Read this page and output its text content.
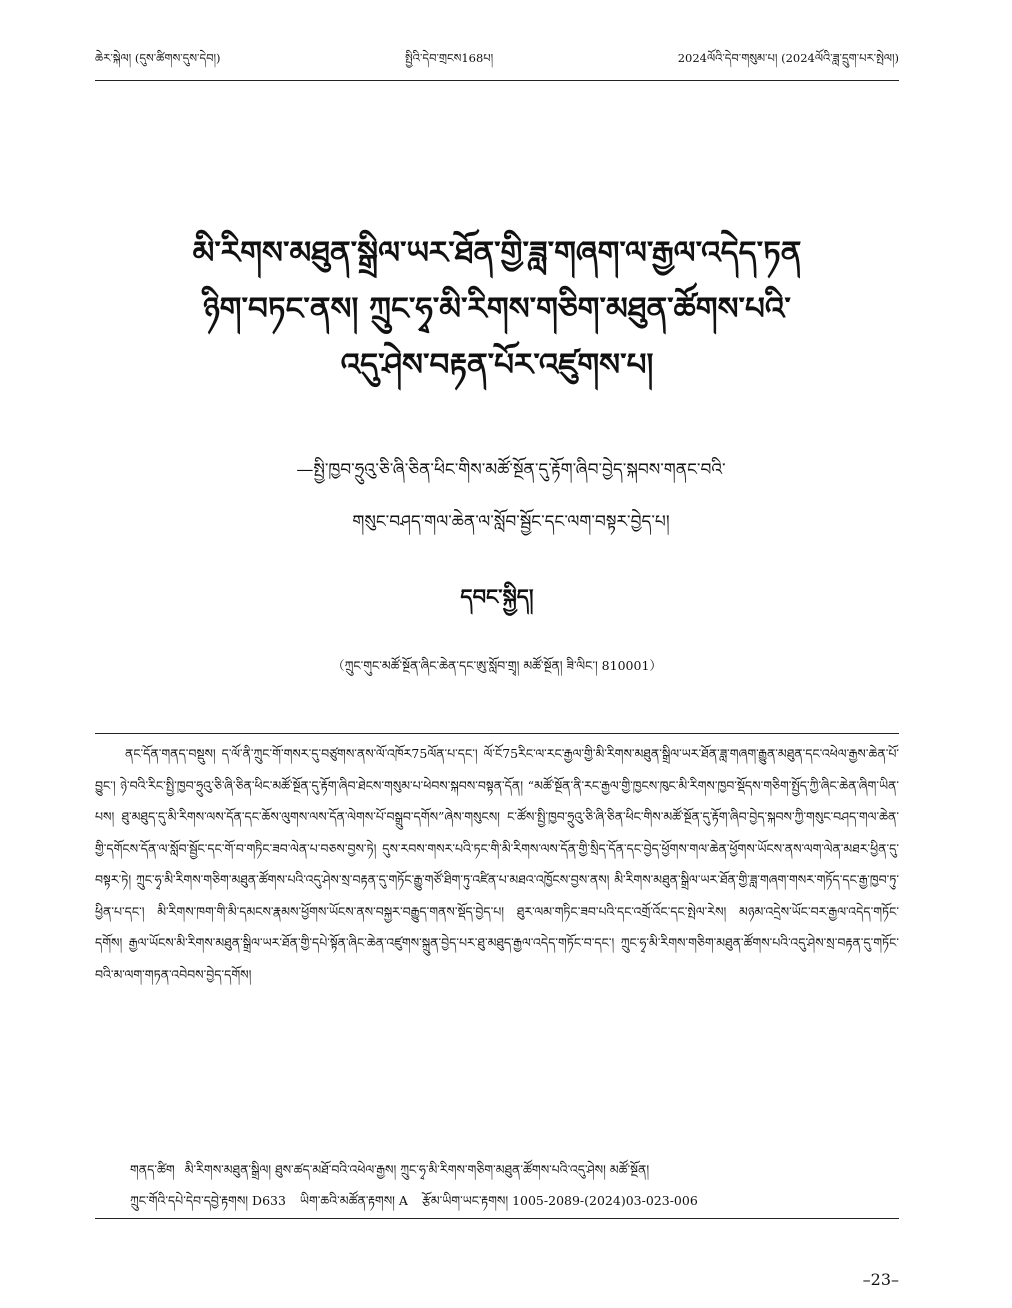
ཆེར་སྐེལ། (དུས་ཚིགས་དུས་དེབ།)	སྤྱིའི་དེབ་གྲངས168པ།	2024ལོའི་དེབ་གསུམ་པ། (2024ལོའི་ཟླ་དྲུག་པར་སྤེལ།)
མི་རིགས་མཐུན་སྒྲིལ་ཡར་ཐོན་གྱི་ཟླ་གཞག་ལ་རྒྱལ་འདེད་ཏན
ཉིག་བཏང་ནས། ཀྲུང་ཧྭ་མི་རིགས་གཅིག་མཐུན་ཚོགས་པའི་
འདུ་ཤེས་བརྟན་པོར་འཛུགས་པ།
—སྤྱི་ཁྱབ་ཧྲུའུ་ཅི་ཞི་ཅིན་ཕིང་གིས་མཚོ་སྔོན་དུ་རྟོག་ཞིབ་བྱེད་སྐབས་གནང་བའི་
གསུང་བཤད་གལ་ཆེན་ལ་སློབ་སྦྱོང་དང་ལག་བསྟར་བྱེད་པ།
དབང་སྐྱིད།
（ཀྲུང་གུང་མཚོ་སྔོན་ཞིང་ཆེན་དང་ཨུ་སློབ་གྲྭ། མཚོ་སྔོན། ཟི་ལིང་། 810001）
ནང་དོན་གནད་བསྡུས། ད་ལོ་ནི་ཀྲུང་གོ་གསར་དུ་བཙུགས་ནས་ལོ་འཁོར75ལོན་པ་དང་། ལོ་ངོ75རིང་ལ་རང་རྒྱལ་གྱི་མི་རིགས་མཐུན་སྒྲིལ་ཡར་ཐོན་ཟླ་གཞག་རྒྱུན་མཐུན་དང་འཕེལ་རྒྱས་ཆེན་པོ་བྱུང་། ཉེ་བའི་རིང་སྤྱི་ཁྱབ་ཧྲུའུ་ཅི་ཞི་ཅིན་ཕིང་མཚོ་སྔོན་དུ་རྟོག་ཞིབ་ཐེངས་གསུམ་པ་ཕེབས་སྐབས་བསྟན་དོན། “མཚོ་སྔོན་ནི་རང་རྒྱལ་གྱི་ཁྱངས་ཁུང་མི་རིགས་ཁྱབ་སྡོདས་གཅིག་སྤྱོད་ཀྱི་ཞིང་ཆེན་ཞིག་ཡིན་པས། ཐུ་མཐུད་དུ་མི་རིགས་ལས་དོན་དང་ཆོས་ལུགས་ལས་དོན་ལེགས་པོ་བསྒྲུབ་དགོས”ཞེས་གསུངས། ང་ཚོས་སྤྱི་ཁྱབ་ཧྲུའུ་ཅི་ཞི་ཅིན་ཕིང་གིས་མཚོ་སྔོན་དུ་རྟོག་ཞིབ་བྱེད་སྐབས་ཀྱི་གསུང་བཤད་གལ་ཆེན་གྱི་དགོངས་དོན་ལ་སློབ་སྦྱོང་དང་གོ་བ་གཏིང་ཟབ་ལེན་པ་བཅས་བྱས་ཏེ། དུས་རབས་གསར་པའི་ཏང་གི་མི་རིགས་ལས་དོན་གྱི་སྲིད་དོན་དང་བྱེད་ཕྱོགས་གལ་ཆེན་ཕྱོགས་ཡོངས་ནས་ལག་ལེན་མཐར་ཕྱིན་དུ་བསྟར་ཏེ། ཀྲུང་ཧྭ་མི་རིགས་གཅིག་མཐུན་ཚོགས་པའི་འདུ་ཤེས་སྲ་བརྟན་དུ་གཏོང་རྒྱུ་གཙོ་ཐིག་ཏུ་འཛིན་པ་མཐའ་འཁྱོངས་བྱས་ནས། མི་རིགས་མཐུན་སྒྲིལ་ཡར་ཐོན་གྱི་ཟླ་གཞག་གསར་གཏོད་དང་རྒྱ་ཁྱབ་ཏུ་ཕྱིན་པ་དང་། མི་རིགས་ཁག་གི་མི་དམངས་རྣམས་ཕྱོགས་ཡོངས་ནས་བསྐྱར་བརྒྱུད་གནས་སྡོད་བྱེད་པ། ཐུར་ལམ་གཏིང་ཟབ་པའི་དང་འགྲོ་འོང་དང་སྤེལ་རེས། མཉམ་འདྲེས་ཡོང་བར་རྒྱལ་འདེད་གཏོང་དགོས། རྒྱལ་ཡོངས་མི་རིགས་མཐུན་སྒྲིལ་ཡར་ཐོན་གྱི་དཔེ་སྟོན་ཞིང་ཆེན་འཛུགས་སྐྲུན་བྱེད་པར་ཐུ་མཐུད་རྒྱལ་འདེད་གཏོང་བ་དང་། ཀྲུང་ཧྭ་མི་རིགས་གཅིག་མཐུན་ཚོགས་པའི་འདུ་ཤེས་སྲ་བརྟན་དུ་གཏོང་བའི་མ་ལག་གཏན་འབེབས་བྱེད་དགོས།
གནད་ཚིག མི་རིགས་མཐུན་སྒྲིལ། ཐུས་ཚད་མཐོ་བའི་འཕེལ་རྒྱས། ཀྲུང་ཧྭ་མི་རིགས་གཅིག་མཐུན་ཚོགས་པའི་འདུ་ཤེས། མཚོ་སྔོན།
ཀྲུང་གོའི་དཔེ་དེབ་དབྱེ་རྟགས། D633 ཡིག་ཆའི་མཚོན་རྟགས། A རྩོམ་ཡིག་ཡང་རྟགས། 1005-2089-(2024)03-023-006
–23–
